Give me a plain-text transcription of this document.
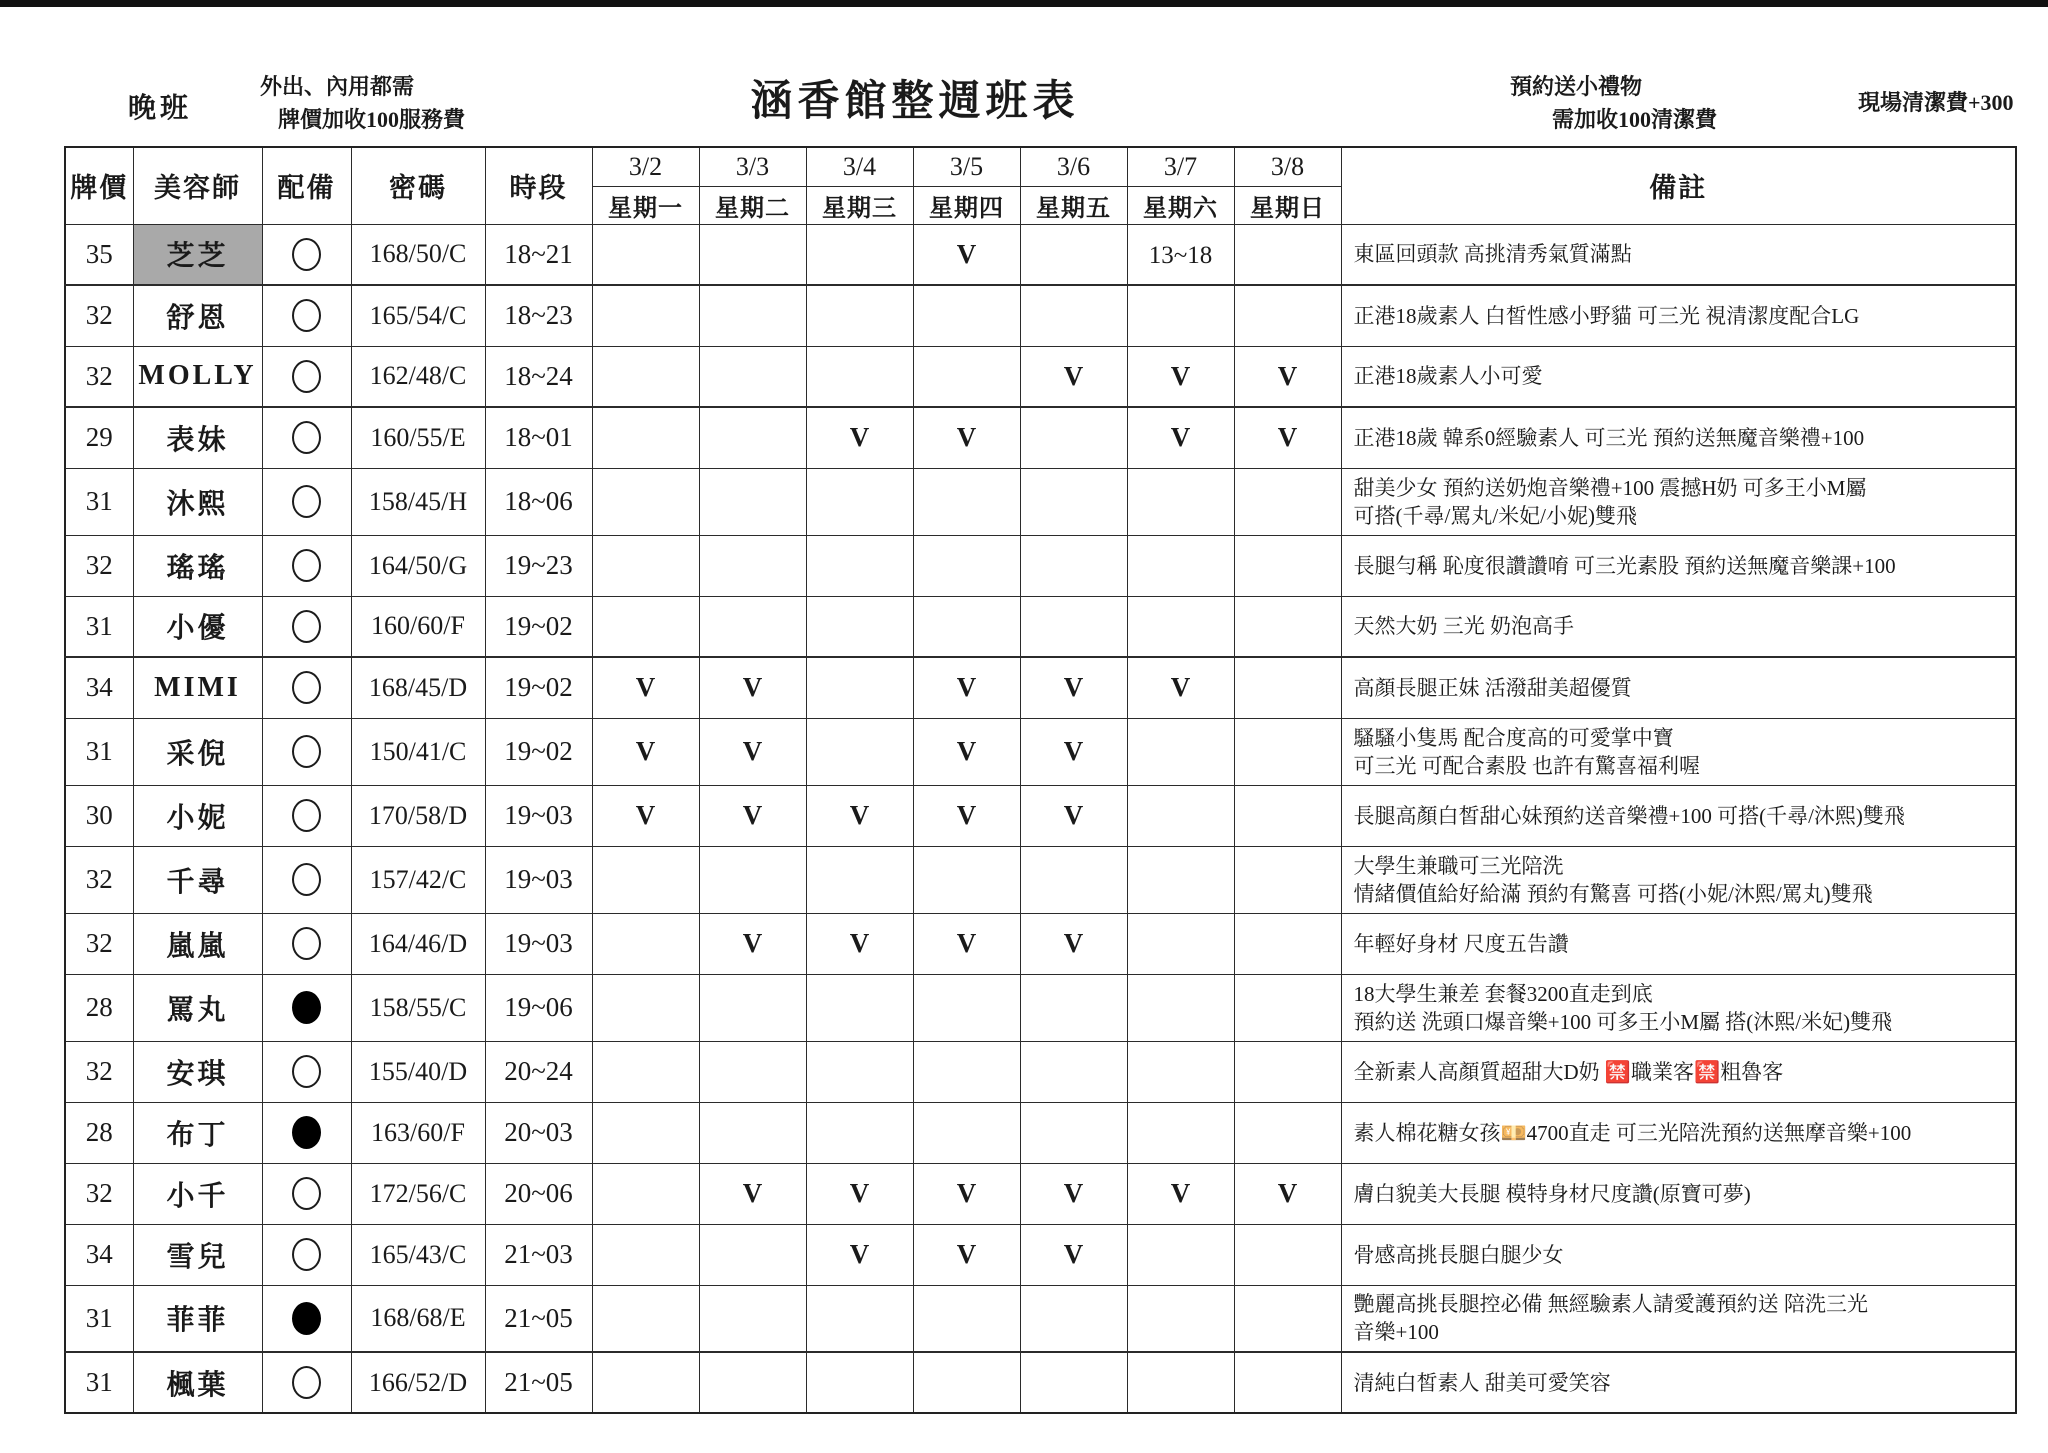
晚班
外出、內用都需
牌價加收100服務費	涵香館整週班表	預約送小禮物
需加收100清潔費
現場清潔費+300
牌價	美容師	配備	密碼	時段	3/2	3/3	3/4	3/5	3/6	3/7	3/8	備註
					星期一	星期二	星期三	星期四	星期五	星期六	星期日	
35	芝芝		168/50/C	18~21				V		13~18		東區回頭款 高挑清秀氣質滿點

32	舒恩		165/54/C	18~23								正港18歲素人 白皙性感小野貓 可三光 視清潔度配合LG

32	MOLLY		162/48/C	18~24					V	V	V	正港18歲素人小可愛

29	表妹		160/55/E	18~01			V	V		V	V	正港18歲 韓系0經驗素人 可三光 預約送無魔音樂禮+100

31	沐熙		158/45/H	18~06								甜美少女 預約送奶炮音樂禮+100 震撼H奶 可多王小M屬
可搭(千尋/罵丸/米妃/小妮)雙飛

32	瑤瑤		164/50/G	19~23								長腿勻稱 恥度很讚讚唷 可三光素股 預約送無魔音樂課+100

31	小優		160/60/F	19~02								天然大奶 三光 奶泡高手

34	MIMI		168/45/D	19~02	V	V		V	V	V		高顏長腿正妹 活潑甜美超優質

31	采倪		150/41/C	19~02	V	V		V	V			騷騷小隻馬 配合度高的可愛掌中寶
可三光 可配合素股 也許有驚喜福利喔

30	小妮		170/58/D	19~03	V	V	V	V	V			長腿高顏白皙甜心妹預約送音樂禮+100 可搭(千尋/沐熙)雙飛

32	千尋		157/42/C	19~03								大學生兼職可三光陪洗
情緒價值給好給滿 預約有驚喜 可搭(小妮/沐熙/罵丸)雙飛

32	嵐嵐		164/46/D	19~03		V	V	V	V			年輕好身材 尺度五告讚

28	罵丸		158/55/C	19~06								18大學生兼差 套餐3200直走到底
預約送 洗頭口爆音樂+100 可多王小M屬 搭(沐熙/米妃)雙飛

32	安琪		155/40/D	20~24								全新素人高顏質超甜大D奶 🈲職業客🈲粗魯客

28	布丁		163/60/F	20~03								素人棉花糖女孩💴4700直走 可三光陪洗預約送無摩音樂+100

32	小千		172/56/C	20~06		V	V	V	V	V	V	膚白貌美大長腿 模特身材尺度讚(原寶可夢)

34	雪兒		165/43/C	21~03			V	V	V			骨感高挑長腿白腿少女

31	菲菲		168/68/E	21~05								艷麗高挑長腿控必備 無經驗素人請愛護預約送 陪洗三光
音樂+100

31	楓葉		166/52/D	21~05								清純白皙素人 甜美可愛笑容
